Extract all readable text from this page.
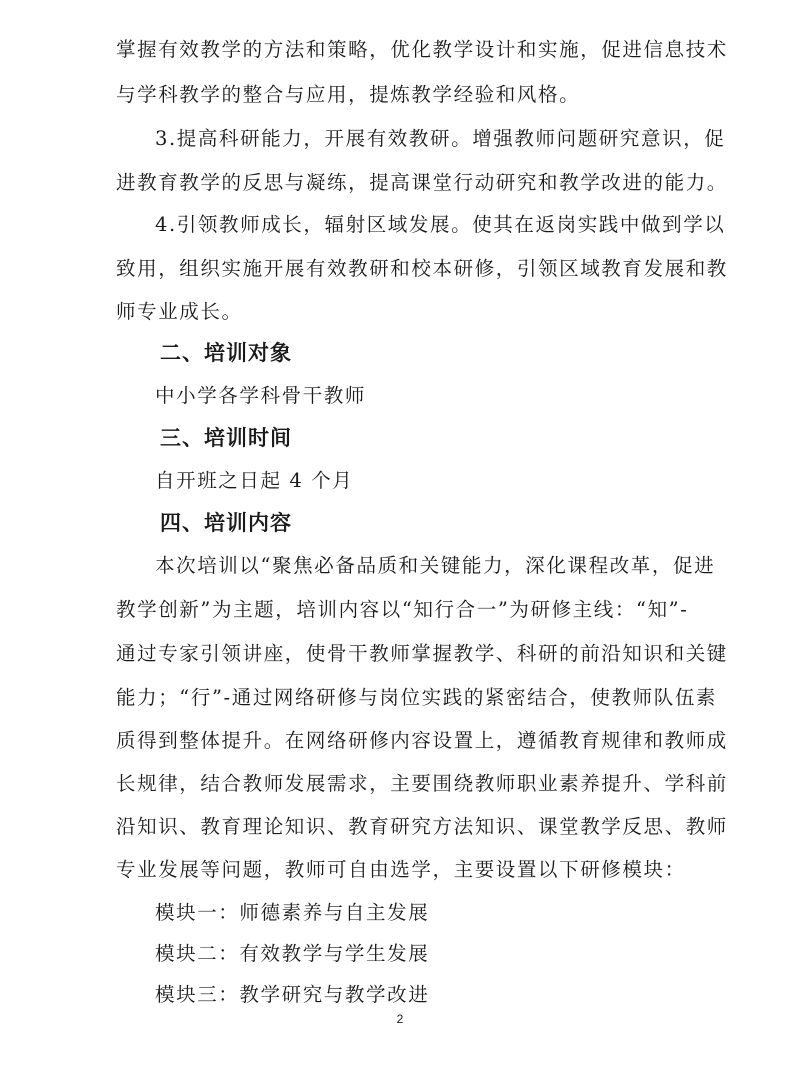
掌握有效教学的方法和策略，优化教学设计和实施，促进信息技术
与学科教学的整合与应用，提炼教学经验和风格。
3.提高科研能力，开展有效教研。增强教师问题研究意识，促
进教育教学的反思与凝练，提高课堂行动研究和教学改进的能力。
4.引领教师成长，辐射区域发展。使其在返岗实践中做到学以
致用，组织实施开展有效教研和校本研修，引领区域教育发展和教
师专业成长。
二、培训对象
中小学各学科骨干教师
三、培训时间
自开班之日起 4 个月
四、培训内容
本次培训以“聚焦必备品质和关键能力，深化课程改革，促进
教学创新”为主题，培训内容以“知行合一”为研修主线：“知”-
通过专家引领讲座，使骨干教师掌握教学、科研的前沿知识和关键
能力；“行”-通过网络研修与岗位实践的紧密结合，使教师队伍素
质得到整体提升。在网络研修内容设置上，遵循教育规律和教师成
长规律，结合教师发展需求，主要围绕教师职业素养提升、学科前
沿知识、教育理论知识、教育研究方法知识、课堂教学反思、教师
专业发展等问题，教师可自由选学，主要设置以下研修模块：
模块一：师德素养与自主发展
模块二：有效教学与学生发展
模块三：教学研究与教学改进
2
